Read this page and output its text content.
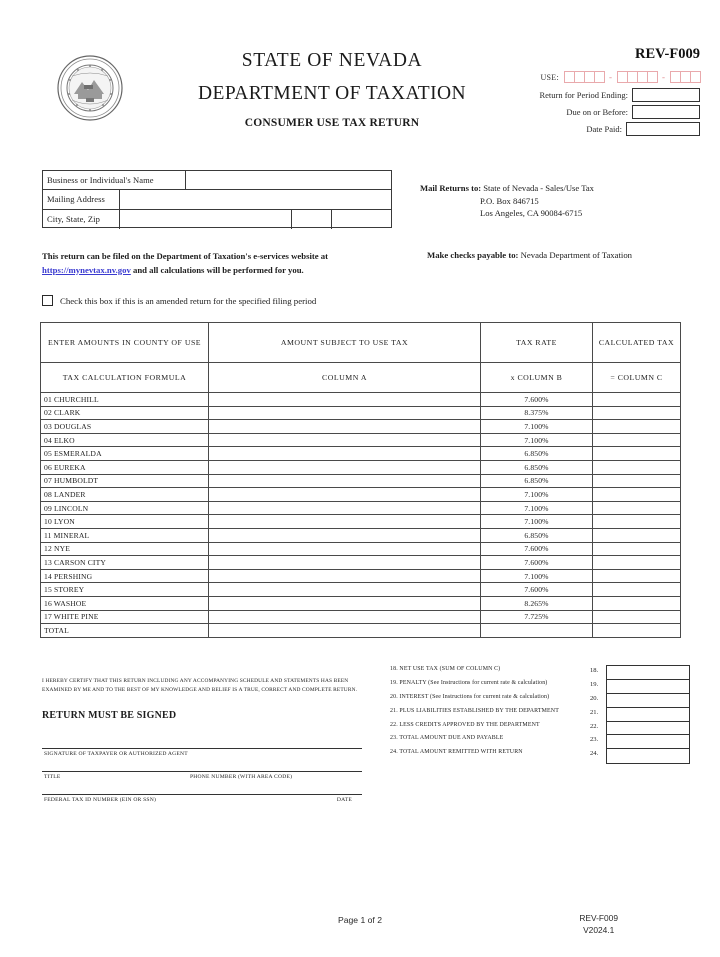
STATE OF NEVADA
DEPARTMENT OF TAXATION
CONSUMER USE TAX RETURN
REV-F009
USE:	-	-
Return for Period Ending:
Due on or Before:
Date Paid:
Business or Individual's Name
Mailing Address
City, State, Zip
Mail Returns to: State of Nevada - Sales/Use Tax
P.O. Box 846715
Los Angeles, CA 90084-6715
This return can be filed on the Department of Taxation's e-services website at
https://mynevtax.nv.gov and all calculations will be performed for you.
Make checks payable to: Nevada Department of Taxation
Check this box if this is an amended return for the specified filing period
ENTER AMOUNTS IN COUNTY OF USE	AMOUNT SUBJECT TO USE TAX	TAX RATE	CALCULATED TAX
TAX CALCULATION FORMULA	COLUMN A	x COLUMN B	= COLUMN C
01 CHURCHILL		7.600%	
02 CLARK		8.375%	
03 DOUGLAS		7.100%	
04 ELKO		7.100%	
05 ESMERALDA		6.850%	
06 EUREKA		6.850%	
07 HUMBOLDT		6.850%	
08 LANDER		7.100%	
09 LINCOLN		7.100%	
10 LYON		7.100%	
11 MINERAL		6.850%	
12 NYE		7.600%	
13 CARSON CITY		7.600%	
14 PERSHING		7.100%	
15 STOREY		7.600%	
16 WASHOE		8.265%	
17 WHITE PINE		7.725%	
TOTAL			
I HEREBY CERTIFY THAT THIS RETURN INCLUDING ANY ACCOMPANYING SCHEDULE AND STATEMENTS HAS BEEN EXAMINED BY ME AND TO THE BEST OF MY KNOWLEDGE AND BELIEF IS A TRUE, CORRECT AND COMPLETE RETURN.
RETURN MUST BE SIGNED
18. NET USE TAX (SUM OF COLUMN C)	18.
19. PENALTY (See Instructions for current rate & calculation)	19.
20. INTEREST (See Instructions for current rate & calculation)	20.
21. PLUS LIABILITIES ESTABLISHED BY THE DEPARTMENT	21.
22. LESS CREDITS APPROVED BY THE DEPARTMENT	22.
23. TOTAL AMOUNT DUE AND PAYABLE	23.
24. TOTAL AMOUNT REMITTED WITH RETURN	24.
SIGNATURE OF TAXPAYER OR AUTHORIZED AGENT
TITLE	PHONE NUMBER (WITH AREA CODE)
FEDERAL TAX ID NUMBER (EIN OR SSN)	DATE
Page 1 of 2	REV-F009
V2024.1
